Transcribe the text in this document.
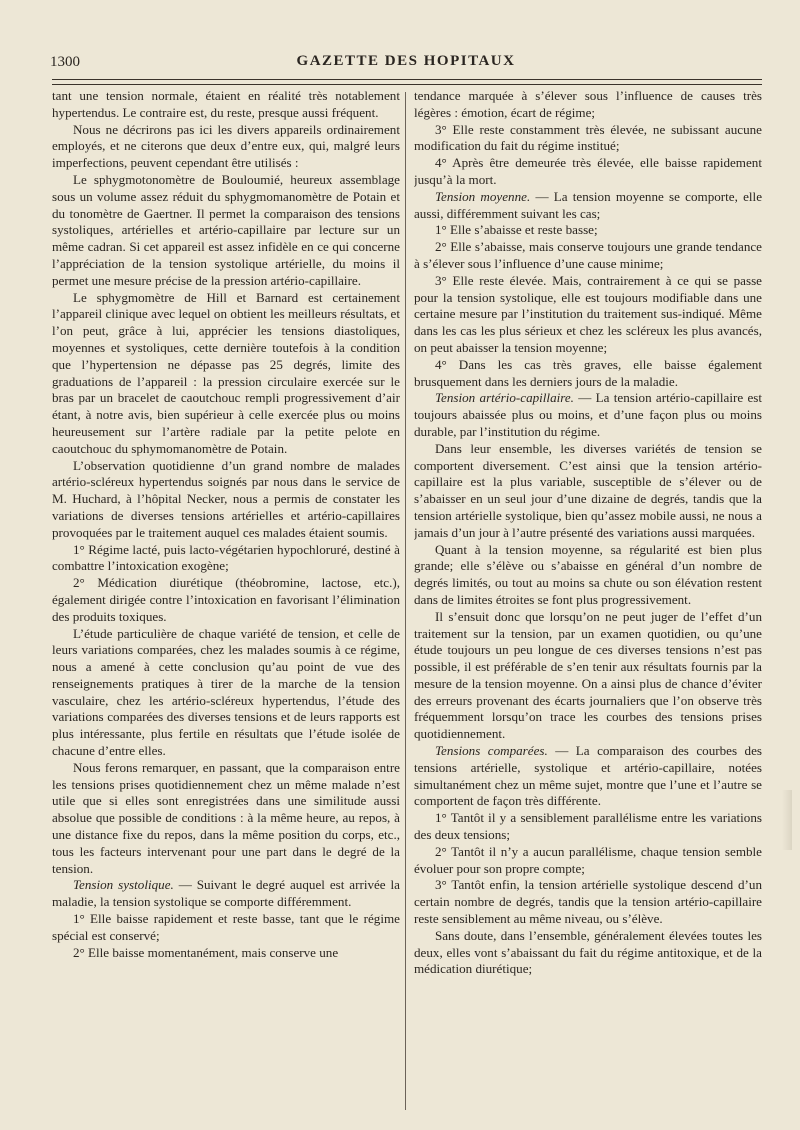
1300	GAZETTE DES HOPITAUX

tant une tension normale, étaient en réalité très notablement hypertendus. Le contraire est, du reste, presque aussi fréquent.

Nous ne décrirons pas ici les divers appareils ordinairement employés, et ne citerons que deux d’entre eux, qui, malgré leurs imperfections, peuvent cependant être utilisés :

Le sphygmotonomètre de Bouloumié, heureux assemblage sous un volume assez réduit du sphygmomanomètre de Potain et du tonomètre de Gaertner. Il permet la comparaison des tensions systoliques, artérielles et artério-capillaire par lecture sur un même cadran. Si cet appareil est assez infidèle en ce qui concerne l’appréciation de la tension systolique artérielle, du moins il permet une mesure précise de la pression artério-capillaire.

Le sphygmomètre de Hill et Barnard est certainement l’appareil clinique avec lequel on obtient les meilleurs résultats, et l’on peut, grâce à lui, apprécier les tensions diastoliques, moyennes et systoliques, cette dernière toutefois à la condition que l’hypertension ne dépasse pas 25 degrés, limite des graduations de l’appareil : la pression circulaire exercée sur le bras par un bracelet de caoutchouc rempli progressivement d’air étant, à notre avis, bien supérieur à celle exercée plus ou moins heureusement sur l’artère radiale par la petite pelote en caoutchouc du sphymomanomètre de Potain.

L’observation quotidienne d’un grand nombre de malades artério-scléreux hypertendus soignés par nous dans le service de M. Huchard, à l’hôpital Necker, nous a permis de constater les variations de diverses tensions artérielles et artério-capillaires provoquées par le traitement auquel ces malades étaient soumis.

1° Régime lacté, puis lacto-végétarien hypochloruré, destiné à combattre l’intoxication exogène;

2° Médication diurétique (théobromine, lactose, etc.), également dirigée contre l’intoxication en favorisant l’élimination des produits toxiques.

L’étude particulière de chaque variété de tension, et celle de leurs variations comparées, chez les malades soumis à ce régime, nous a amené à cette conclusion qu’au point de vue des renseignements pratiques à tirer de la marche de la tension vasculaire, chez les artério-scléreux hypertendus, l’étude des variations comparées des diverses tensions et de leurs rapports est plus intéressante, plus fertile en résultats que l’étude isolée de chacune d’entre elles.

Nous ferons remarquer, en passant, que la comparaison entre les tensions prises quotidiennement chez un même malade n’est utile que si elles sont enregistrées dans une similitude aussi absolue que possible de conditions : à la même heure, au repos, à une distance fixe du repos, dans la même position du corps, etc., tous les facteurs intervenant pour une part dans le degré de la tension.

Tension systolique. — Suivant le degré auquel est arrivée la maladie, la tension systolique se comporte différemment.

1° Elle baisse rapidement et reste basse, tant que le régime spécial est conservé;

2° Elle baisse momentanément, mais conserve une

tendance marquée à s’élever sous l’influence de causes très légères : émotion, écart de régime;

3° Elle reste constamment très élevée, ne subissant aucune modification du fait du régime institué;

4° Après être demeurée très élevée, elle baisse rapidement jusqu’à la mort.

Tension moyenne. — La tension moyenne se comporte, elle aussi, différemment suivant les cas;

1° Elle s’abaisse et reste basse;

2° Elle s’abaisse, mais conserve toujours une grande tendance à s’élever sous l’influence d’une cause minime;

3° Elle reste élevée. Mais, contrairement à ce qui se passe pour la tension systolique, elle est toujours modifiable dans une certaine mesure par l’institution du traitement sus-indiqué. Même dans les cas les plus sérieux et chez les scléreux les plus avancés, on peut abaisser la tension moyenne;

4° Dans les cas très graves, elle baisse également brusquement dans les derniers jours de la maladie.

Tension artério-capillaire. — La tension artério-capillaire est toujours abaissée plus ou moins, et d’une façon plus ou moins durable, par l’institution du régime.

Dans leur ensemble, les diverses variétés de tension se comportent diversement. C’est ainsi que la tension artério-capillaire est la plus variable, susceptible de s’élever ou de s’abaisser en un seul jour d’une dizaine de degrés, tandis que la tension artérielle systolique, bien qu’assez mobile aussi, ne nous a jamais d’un jour à l’autre présenté des variations aussi marquées.

Quant à la tension moyenne, sa régularité est bien plus grande; elle s’élève ou s’abaisse en général d’un nombre de degrés limités, ou tout au moins sa chute ou son élévation restent dans de limites étroites se font plus progressivement.

Il s’ensuit donc que lorsqu’on ne peut juger de l’effet d’un traitement sur la tension, par un examen quotidien, ou qu’une étude toujours un peu longue de ces diverses tensions n’est pas possible, il est préférable de s’en tenir aux résultats fournis par la mesure de la tension moyenne. On a ainsi plus de chance d’éviter des erreurs provenant des écarts journaliers que l’on observe très fréquemment lorsqu’on trace les courbes des tensions prises quotidiennement.

Tensions comparées. — La comparaison des courbes des tensions artérielle, systolique et artério-capillaire, notées simultanément chez un même sujet, montre que l’une et l’autre se comportent de façon très différente.

1° Tantôt il y a sensiblement parallélisme entre les variations des deux tensions;

2° Tantôt il n’y a aucun parallélisme, chaque tension semble évoluer pour son propre compte;

3° Tantôt enfin, la tension artérielle systolique descend d’un certain nombre de degrés, tandis que la tension artério-capillaire reste sensiblement au même niveau, ou s’élève.

Sans doute, dans l’ensemble, généralement élevées toutes les deux, elles vont s’abaissant du fait du régime antitoxique, et de la médication diurétique;
